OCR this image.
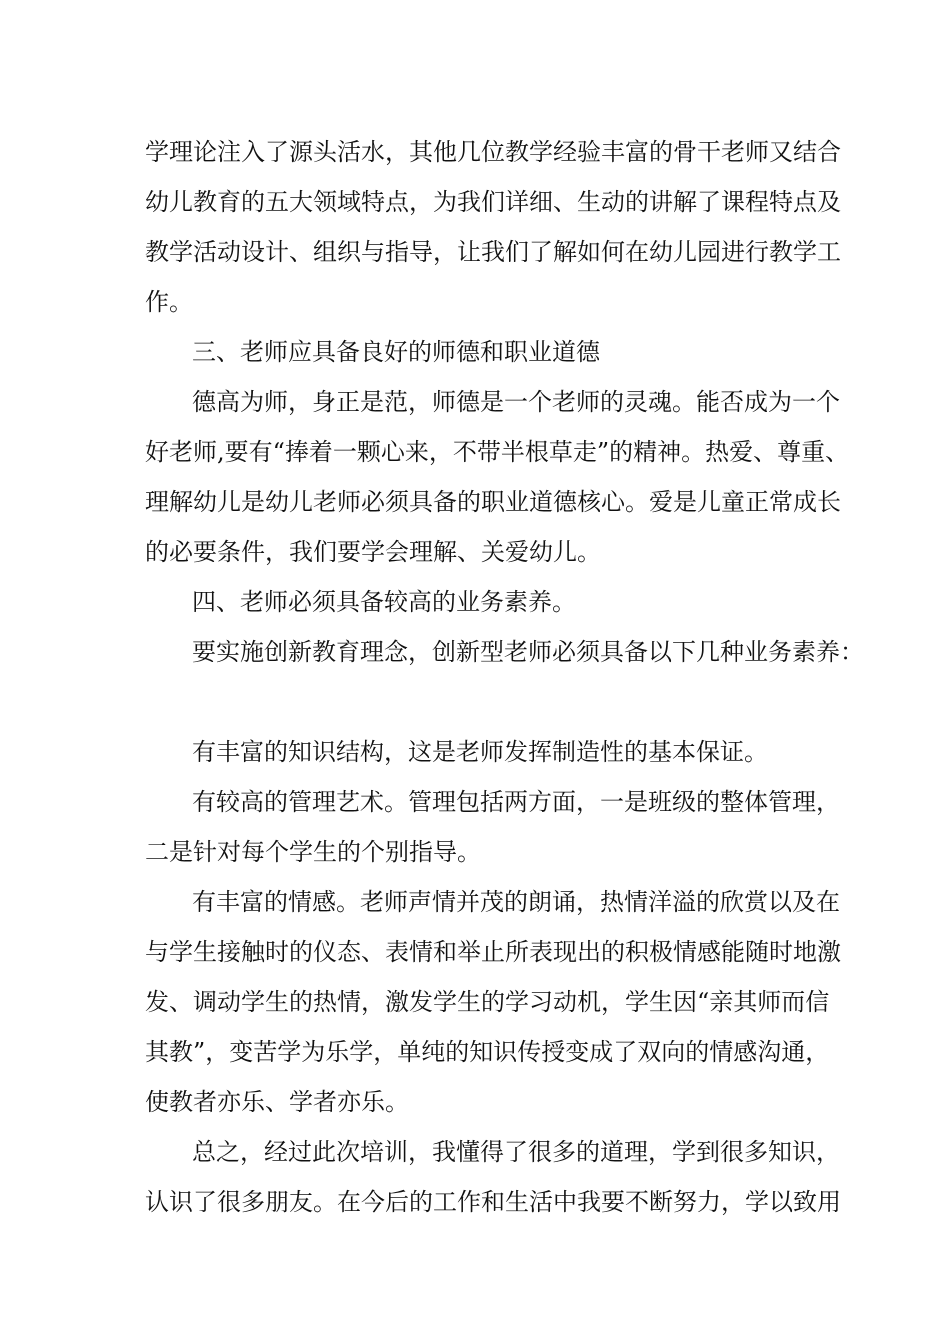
学理论注入了源头活水，其他几位教学经验丰富的骨干老师又结合

幼儿教育的五大领域特点，为我们详细、生动的讲解了课程特点及

教学活动设计、组织与指导，让我们了解如何在幼儿园进行教学工

作。

三、老师应具备良好的师德和职业道德

德高为师，身正是范，师德是一个老师的灵魂。能否成为一个

好老师,要有“捧着一颗心来，不带半根草走”的精神。热爱、尊重、

理解幼儿是幼儿老师必须具备的职业道德核心。爱是儿童正常成长

的必要条件，我们要学会理解、关爱幼儿。

四、老师必须具备较高的业务素养。

要实施创新教育理念，创新型老师必须具备以下几种业务素养：

有丰富的知识结构，这是老师发挥制造性的基本保证。

有较高的管理艺术。管理包括两方面，一是班级的整体管理，

二是针对每个学生的个别指导。

有丰富的情感。老师声情并茂的朗诵，热情洋溢的欣赏以及在

与学生接触时的仪态、表情和举止所表现出的积极情感能随时地激

发、调动学生的热情，激发学生的学习动机，学生因“亲其师而信

其教”，变苦学为乐学，单纯的知识传授变成了双向的情感沟通，

使教者亦乐、学者亦乐。

总之，经过此次培训，我懂得了很多的道理，学到很多知识，

认识了很多朋友。在今后的工作和生活中我要不断努力，学以致用
